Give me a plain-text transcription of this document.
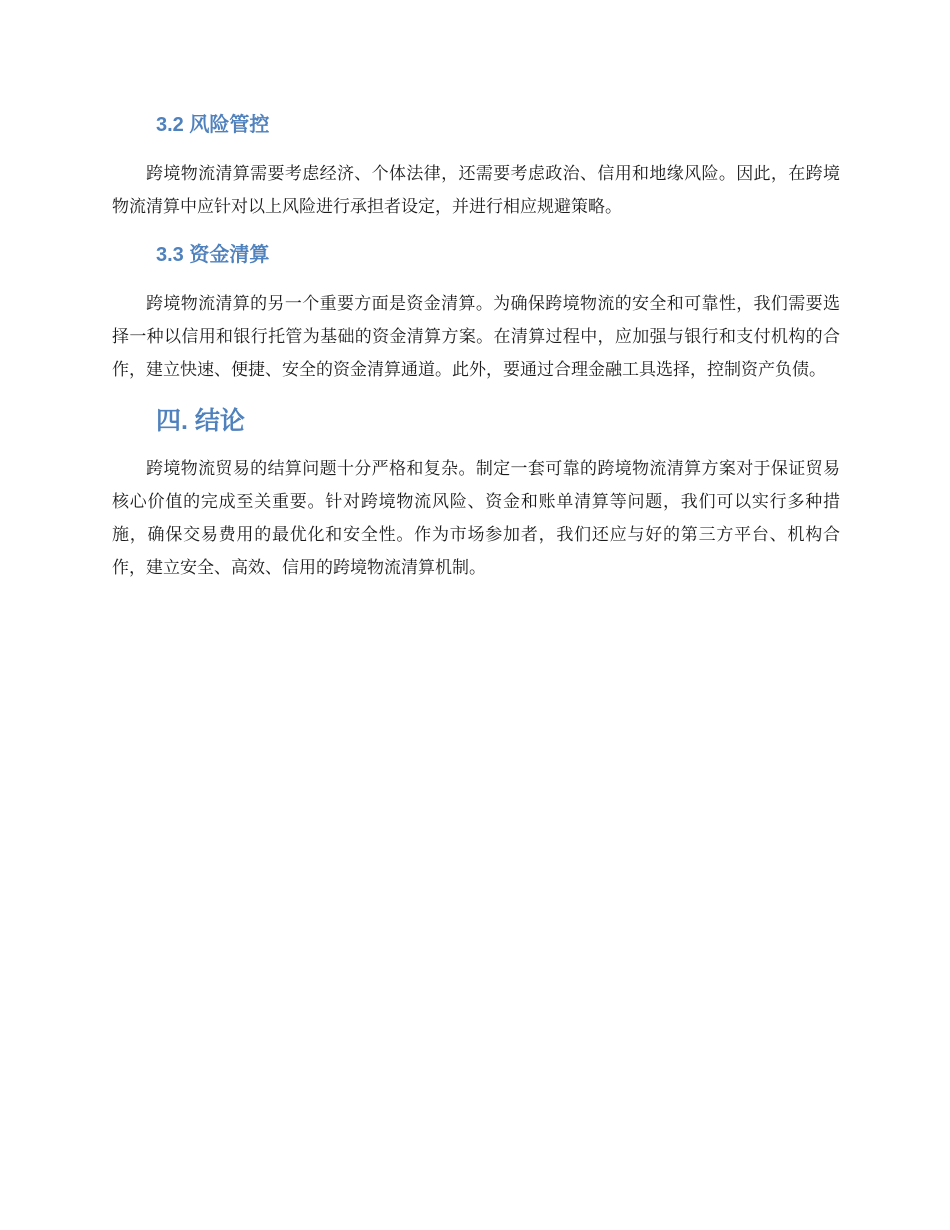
3.2 风险管控

跨境物流清算需要考虑经济、个体法律，还需要考虑政治、信用和地缘风险。因此，在跨境物流清算中应针对以上风险进行承担者设定，并进行相应规避策略。

3.3 资金清算

跨境物流清算的另一个重要方面是资金清算。为确保跨境物流的安全和可靠性，我们需要选择一种以信用和银行托管为基础的资金清算方案。在清算过程中，应加强与银行和支付机构的合作，建立快速、便捷、安全的资金清算通道。此外，要通过合理金融工具选择，控制资产负债。

四. 结论

跨境物流贸易的结算问题十分严格和复杂。制定一套可靠的跨境物流清算方案对于保证贸易核心价值的完成至关重要。针对跨境物流风险、资金和账单清算等问题，我们可以实行多种措施，确保交易费用的最优化和安全性。作为市场参加者，我们还应与好的第三方平台、机构合作，建立安全、高效、信用的跨境物流清算机制。
